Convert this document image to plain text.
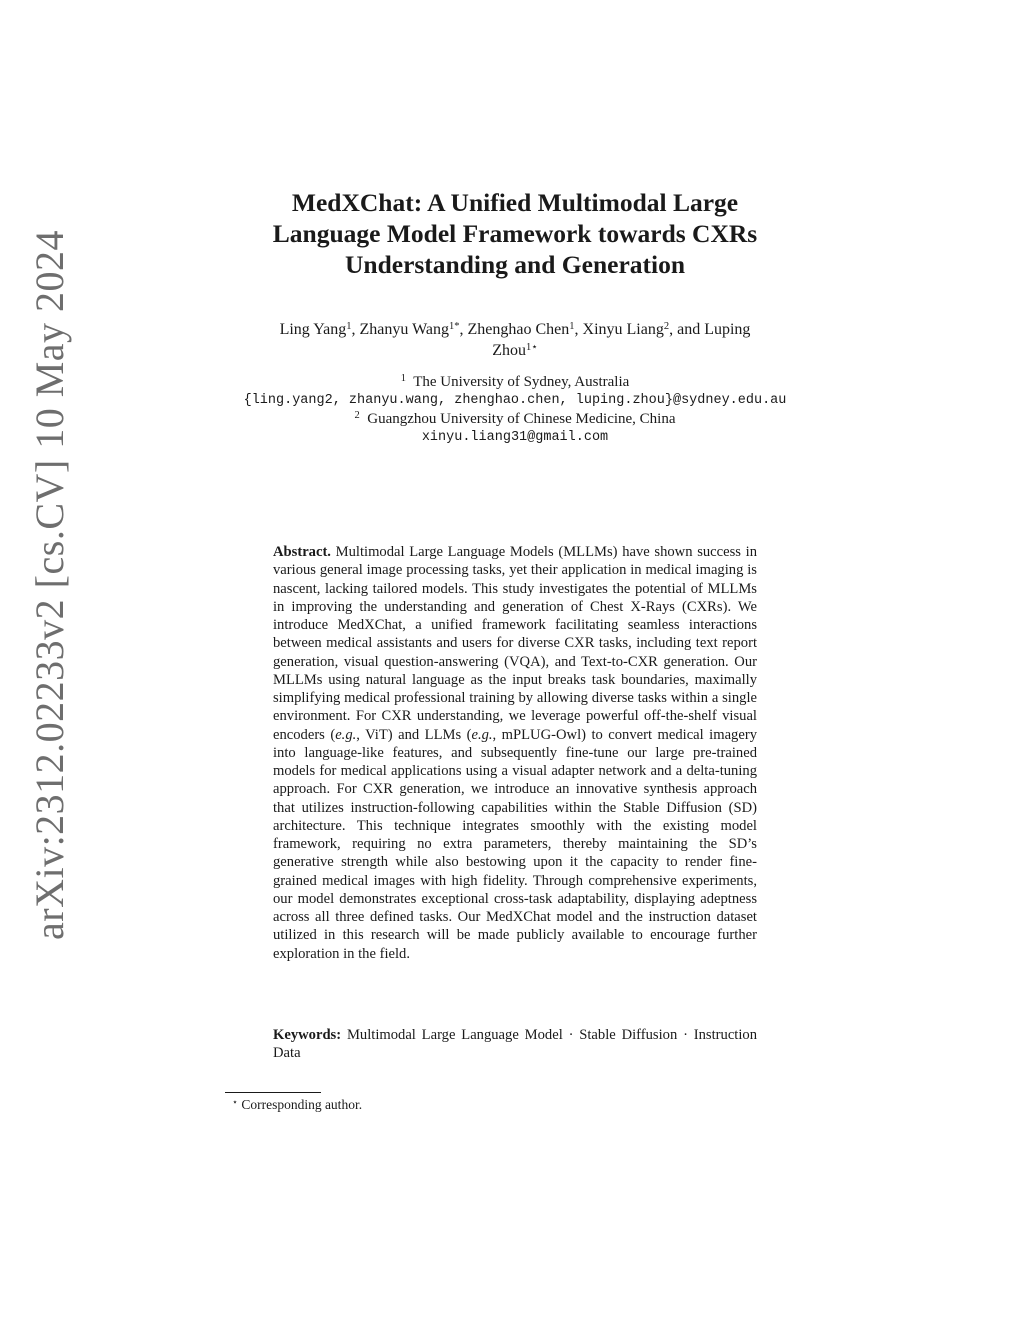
arXiv:2312.02233v2 [cs.CV] 10 May 2024
MedXChat: A Unified Multimodal Large
Language Model Framework towards CXRs
Understanding and Generation
Ling Yang$^1$, Zhanyu Wang$^{1*}$, Zhenghao Chen$^1$, Xinyu Liang$^2$, and Luping
Zhou$^{1⋆}$
$^1$ The University of Sydney, Australia
{ling.yang2, zhanyu.wang, zhenghao.chen, luping.zhou}@sydney.edu.au
$^2$ Guangzhou University of Chinese Medicine, China
xinyu.liang31@gmail.com

Abstract. Multimodal Large Language Models (MLLMs) have shown success in various general image processing tasks, yet their application in medical imaging is nascent, lacking tailored models. This study investigates the potential of MLLMs in improving the understanding and generation of Chest X-Rays (CXRs). We introduce MedXChat, a unified framework facilitating seamless interactions between medical assistants and users for diverse CXR tasks, including text report generation, visual question-answering (VQA), and Text-to-CXR generation. Our MLLMs using natural language as the input breaks task boundaries, maximally simplifying medical professional training by allowing diverse tasks within a single environment. For CXR understanding, we leverage powerful off-the-shelf visual encoders (e.g., ViT) and LLMs (e.g., mPLUG-Owl) to convert medical imagery into language-like features, and subsequently fine-tune our large pre-trained models for medical applications using a visual adapter network and a delta-tuning approach. For CXR generation, we introduce an innovative synthesis approach that utilizes instruction-following capabilities within the Stable Diffusion (SD) architecture. This technique integrates smoothly with the existing model framework, requiring no extra parameters, thereby maintaining the SD’s generative strength while also bestowing upon it the capacity to render fine-grained medical images with high fidelity. Through comprehensive experiments, our model demonstrates exceptional cross-task adaptability, displaying adeptness across all three defined tasks. Our MedXChat model and the instruction dataset utilized in this research will be made publicly available to encourage further exploration in the field.

Keywords: Multimodal Large Language Model · Stable Diffusion · Instruction Data

⋆ Corresponding author.
